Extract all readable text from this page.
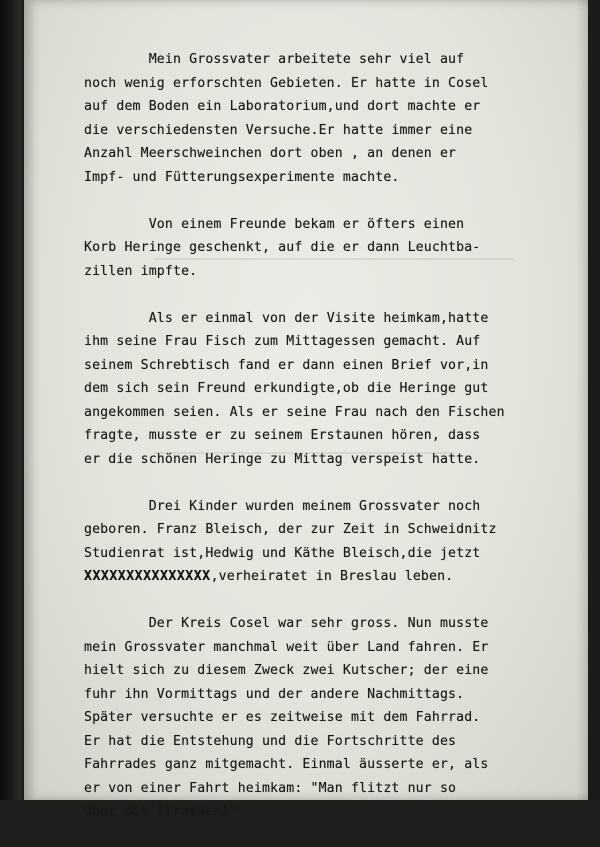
Mein Grossvater arbeitete sehr viel auf
noch wenig erforschten Gebieten. Er hatte in Cosel
auf dem Boden ein Laboratorium,und dort machte er
die verschiedensten Versuche.Er hatte immer eine
Anzahl Meerschweinchen dort oben , an denen er
Impf- und Fütterungsexperimente machte.
Von einem Freunde bekam er öfters einen
Korb Heringe geschenkt, auf die er dann Leuchtba-
zillen impfte.
Als er einmal von der Visite heimkam,hatte
ihm seine Frau Fisch zum Mittagessen gemacht. Auf
seinem Schrebtisch fand er dann einen Brief vor,in
dem sich sein Freund erkundigte,ob die Heringe gut
angekommen seien. Als er seine Frau nach den Fischen
fragte, musste er zu seinem Erstaunen hören, dass
er die schönen Heringe zu Mittag verspeist hatte.
Drei Kinder wurden meinem Grossvater noch
geboren. Franz Bleisch, der zur Zeit in Schweidnitz
Studienrat ist,Hedwig und Käthe Bleisch,die jetzt
XXXXXXXXXXXXXXX,verheiratet in Breslau leben.
Der Kreis Cosel war sehr gross. Nun musste
mein Grossvater manchmal weit über Land fahren. Er
hielt sich zu diesem Zweck zwei Kutscher; der eine
fuhr ihn Vormittags und der andere Nachmittags.
Später versuchte er es zeitweise mit dem Fahrrad.
Er hat die Entstehung und die Fortschritte des
Fahrrades ganz mitgemacht. Einmal äusserte er, als
er von einer Fahrt heimkam: "Man flitzt nur so
über die Strassen!"
